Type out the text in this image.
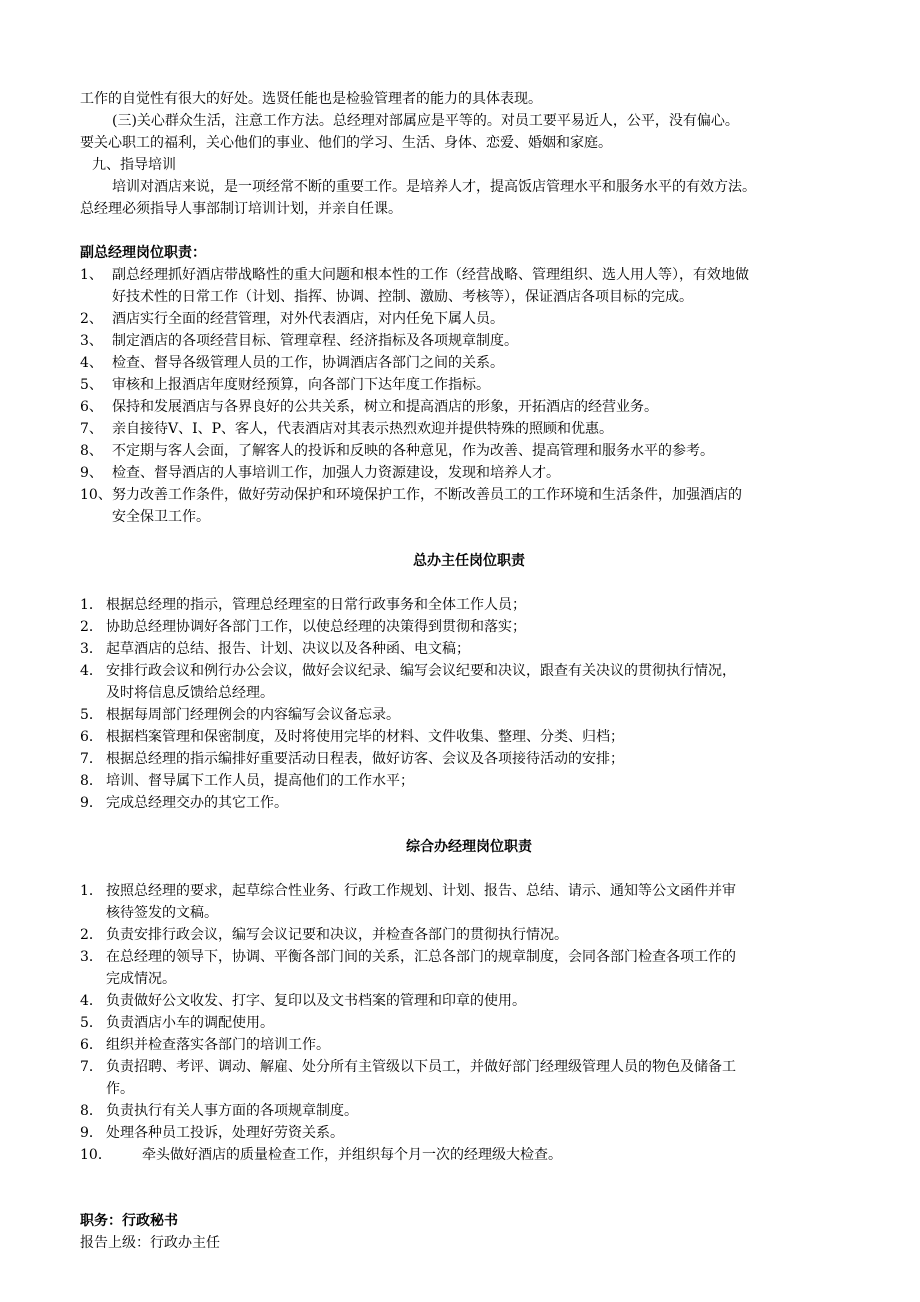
工作的自觉性有很大的好处。选贤任能也是检验管理者的能力的具体表现。
(三)关心群众生活，注意工作方法。总经理对部属应是平等的。对员工要平易近人，公平，没有偏心。
要关心职工的福利，关心他们的事业、他们的学习、生活、身体、恋爱、婚姻和家庭。
九、指导培训
培训对酒店来说，是一项经常不断的重要工作。是培养人才，提高饭店管理水平和服务水平的有效方法。
总经理必须指导人事部制订培训计划，并亲自任课。
副总经理岗位职责：
1、 副总经理抓好酒店带战略性的重大问题和根本性的工作（经营战略、管理组织、选人用人等），有效地做
好技术性的日常工作（计划、指挥、协调、控制、激励、考核等），保证酒店各项目标的完成。
2、 酒店实行全面的经营管理，对外代表酒店，对内任免下属人员。
3、 制定酒店的各项经营目标、管理章程、经济指标及各项规章制度。
4、 检查、督导各级管理人员的工作，协调酒店各部门之间的关系。
5、 审核和上报酒店年度财经预算，向各部门下达年度工作指标。
6、 保持和发展酒店与各界良好的公共关系，树立和提高酒店的形象，开拓酒店的经营业务。
7、 亲自接待V、I、P、客人，代表酒店对其表示热烈欢迎并提供特殊的照顾和优惠。
8、 不定期与客人会面，了解客人的投诉和反映的各种意见，作为改善、提高管理和服务水平的参考。
9、 检查、督导酒店的人事培训工作，加强人力资源建设，发现和培养人才。
10、 努力改善工作条件，做好劳动保护和环境保护工作，不断改善员工的工作环境和生活条件，加强酒店的
安全保卫工作。
总办主任岗位职责
1． 根据总经理的指示，管理总经理室的日常行政事务和全体工作人员；
2． 协助总经理协调好各部门工作，以使总经理的决策得到贯彻和落实；
3． 起草酒店的总结、报告、计划、决议以及各种函、电文稿；
4． 安排行政会议和例行办公会议，做好会议纪录、编写会议纪要和决议，跟查有关决议的贯彻执行情况，
及时将信息反馈给总经理。
5． 根据每周部门经理例会的内容编写会议备忘录。
6． 根据档案管理和保密制度，及时将使用完毕的材料、文件收集、整理、分类、归档；
7． 根据总经理的指示编排好重要活动日程表，做好访客、会议及各项接待活动的安排；
8． 培训、督导属下工作人员，提高他们的工作水平；
9． 完成总经理交办的其它工作。
综合办经理岗位职责
1． 按照总经理的要求，起草综合性业务、行政工作规划、计划、报告、总结、请示、通知等公文函件并审
核待签发的文稿。
2． 负责安排行政会议，编写会议记要和决议，并检查各部门的贯彻执行情况。
3． 在总经理的领导下，协调、平衡各部门间的关系，汇总各部门的规章制度，会同各部门检查各项工作的
完成情况。
4． 负责做好公文收发、打字、复印以及文书档案的管理和印章的使用。
5． 负责酒店小车的调配使用。
6． 组织并检查落实各部门的培训工作。
7． 负责招聘、考评、调动、解雇、处分所有主管级以下员工，并做好部门经理级管理人员的物色及储备工
作。
8． 负责执行有关人事方面的各项规章制度。
9． 处理各种员工投诉，处理好劳资关系。
10．	牵头做好酒店的质量检查工作，并组织每个月一次的经理级大检查。
职务：行政秘书
报告上级：行政办主任
